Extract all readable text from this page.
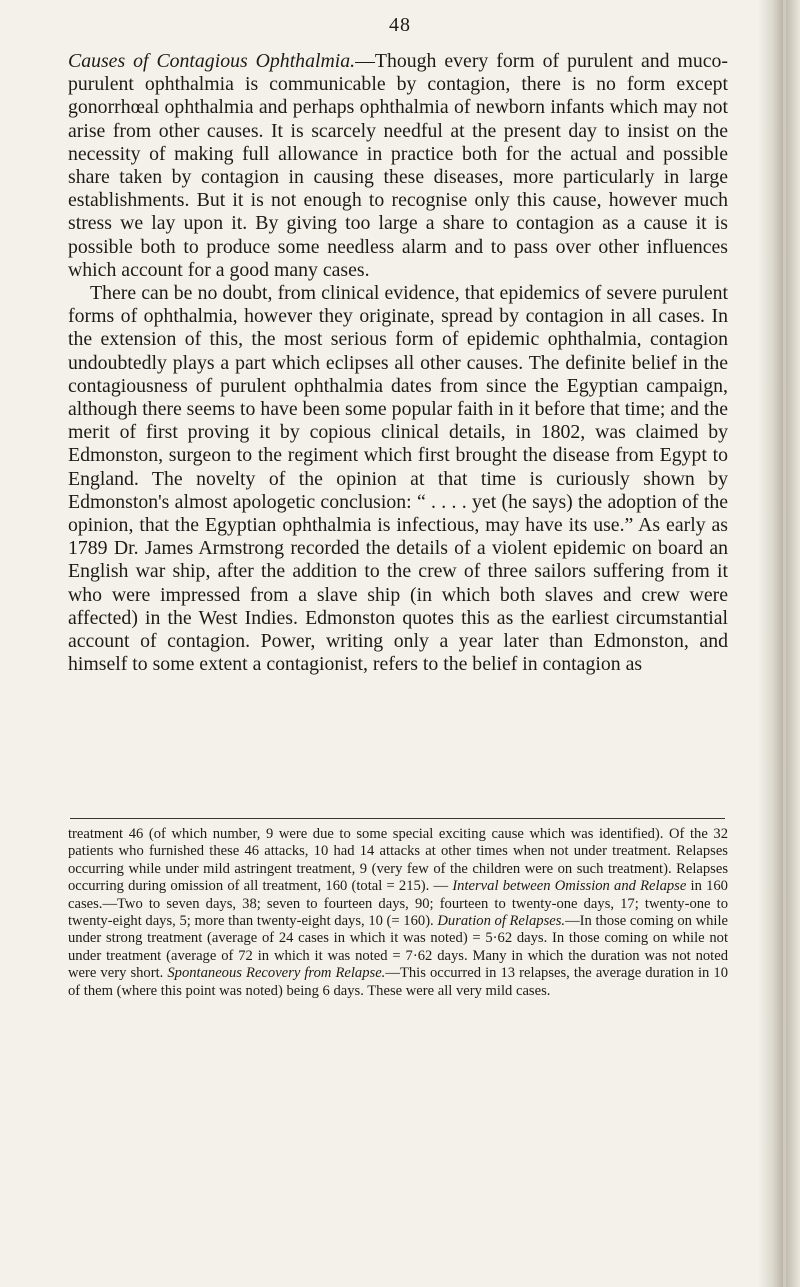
48

Causes of Contagious Ophthalmia.—Though every form of purulent and muco-purulent ophthalmia is communicable by contagion, there is no form except gonorrhœal ophthalmia and perhaps ophthalmia of newborn infants which may not arise from other causes. It is scarcely needful at the present day to insist on the necessity of making full allowance in practice both for the actual and possible share taken by contagion in causing these diseases, more particularly in large establishments. But it is not enough to recognise only this cause, however much stress we lay upon it. By giving too large a share to contagion as a cause it is possible both to produce some needless alarm and to pass over other influences which account for a good many cases.

There can be no doubt, from clinical evidence, that epidemics of severe purulent forms of ophthalmia, however they originate, spread by contagion in all cases. In the extension of this, the most serious form of epidemic ophthalmia, contagion undoubtedly plays a part which eclipses all other causes. The definite belief in the contagiousness of purulent ophthalmia dates from since the Egyptian campaign, although there seems to have been some popular faith in it before that time; and the merit of first proving it by copious clinical details, in 1802, was claimed by Edmonston, surgeon to the regiment which first brought the disease from Egypt to England. The novelty of the opinion at that time is curiously shown by Edmonston's almost apologetic conclusion: “ . . . . yet (he says) the adoption of the opinion, that the Egyptian ophthalmia is infectious, may have its use.” As early as 1789 Dr. James Armstrong recorded the details of a violent epidemic on board an English war ship, after the addition to the crew of three sailors suffering from it who were impressed from a slave ship (in which both slaves and crew were affected) in the West Indies. Edmonston quotes this as the earliest circumstantial account of contagion. Power, writing only a year later than Edmonston, and himself to some extent a contagionist, refers to the belief in contagion as

treatment 46 (of which number, 9 were due to some special exciting cause which was identified). Of the 32 patients who furnished these 46 attacks, 10 had 14 attacks at other times when not under treatment. Relapses occurring while under mild astringent treatment, 9 (very few of the children were on such treatment). Relapses occurring during omission of all treatment, 160 (total = 215). — Interval between Omission and Relapse in 160 cases.—Two to seven days, 38; seven to fourteen days, 90; fourteen to twenty-one days, 17; twenty-one to twenty-eight days, 5; more than twenty-eight days, 10 (= 160). Duration of Relapses.—In those coming on while under strong treatment (average of 24 cases in which it was noted) = 5·62 days. In those coming on while not under treatment (average of 72 in which it was noted = 7·62 days. Many in which the duration was not noted were very short. Spontaneous Recovery from Relapse.—This occurred in 13 relapses, the average duration in 10 of them (where this point was noted) being 6 days. These were all very mild cases.
